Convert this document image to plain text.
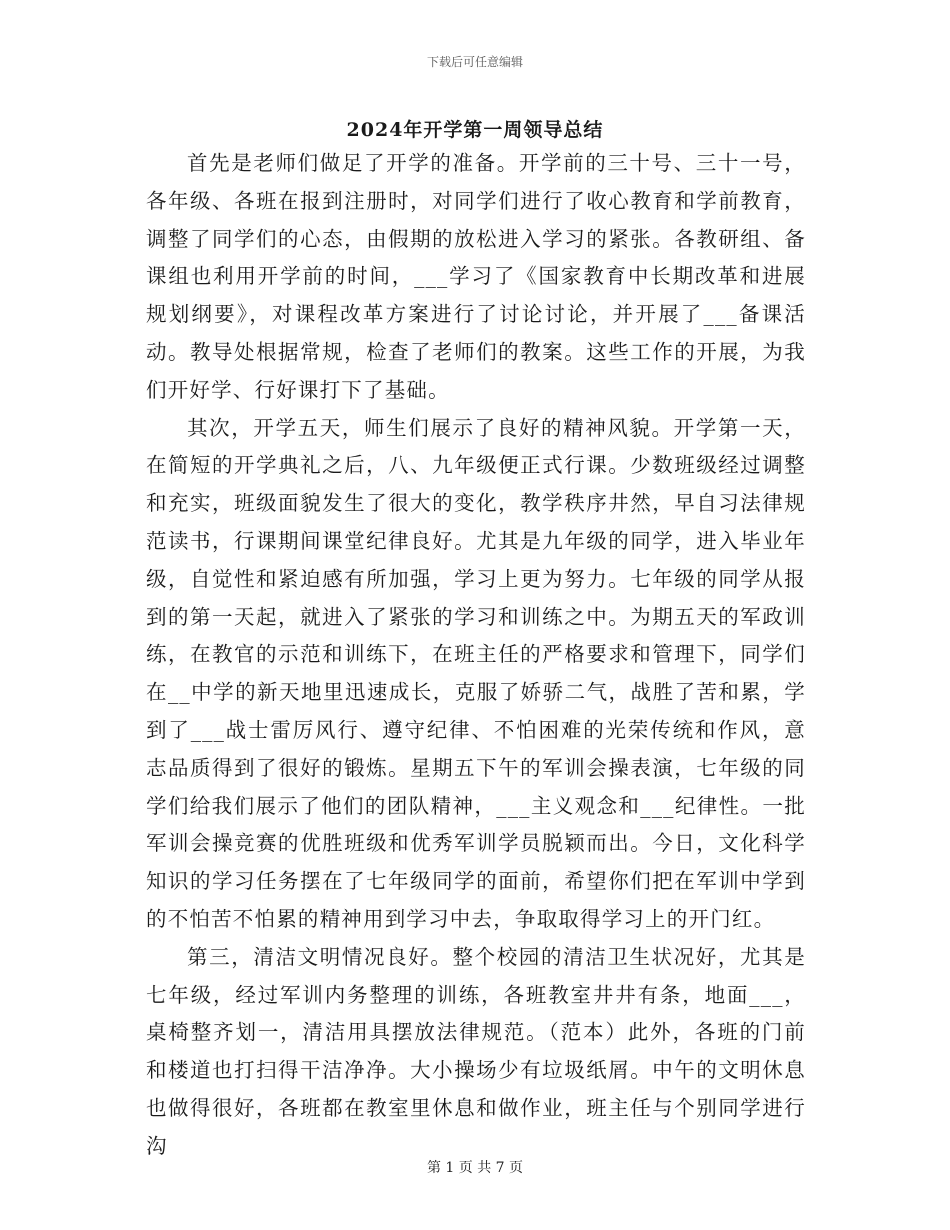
下载后可任意编辑
2024年开学第一周领导总结

首先是老师们做足了开学的准备。开学前的三十号、三十一号，各年级、各班在报到注册时，对同学们进行了收心教育和学前教育，调整了同学们的心态，由假期的放松进入学习的紧张。各教研组、备课组也利用开学前的时间，___学习了《国家教育中长期改革和进展规划纲要》，对课程改革方案进行了讨论讨论，并开展了___备课活动。教导处根据常规，检查了老师们的教案。这些工作的开展，为我们开好学、行好课打下了基础。

其次，开学五天，师生们展示了良好的精神风貌。开学第一天，在简短的开学典礼之后，八、九年级便正式行课。少数班级经过调整和充实，班级面貌发生了很大的变化，教学秩序井然，早自习法律规范读书，行课期间课堂纪律良好。尤其是九年级的同学，进入毕业年级，自觉性和紧迫感有所加强，学习上更为努力。七年级的同学从报到的第一天起，就进入了紧张的学习和训练之中。为期五天的军政训练，在教官的示范和训练下，在班主任的严格要求和管理下，同学们在__中学的新天地里迅速成长，克服了娇骄二气，战胜了苦和累，学到了___战士雷厉风行、遵守纪律、不怕困难的光荣传统和作风，意志品质得到了很好的锻炼。星期五下午的军训会操表演，七年级的同学们给我们展示了他们的团队精神，___主义观念和___纪律性。一批军训会操竞赛的优胜班级和优秀军训学员脱颖而出。今日，文化科学知识的学习任务摆在了七年级同学的面前，希望你们把在军训中学到的不怕苦不怕累的精神用到学习中去，争取取得学习上的开门红。

第三，清洁文明情况良好。整个校园的清洁卫生状况好，尤其是七年级，经过军训内务整理的训练，各班教室井井有条，地面___，桌椅整齐划一，清洁用具摆放法律规范。（范本）此外，各班的门前和楼道也打扫得干洁净净。大小操场少有垃圾纸屑。中午的文明休息也做得很好，各班都在教室里休息和做作业，班主任与个别同学进行沟

第 1 页 共 7 页
